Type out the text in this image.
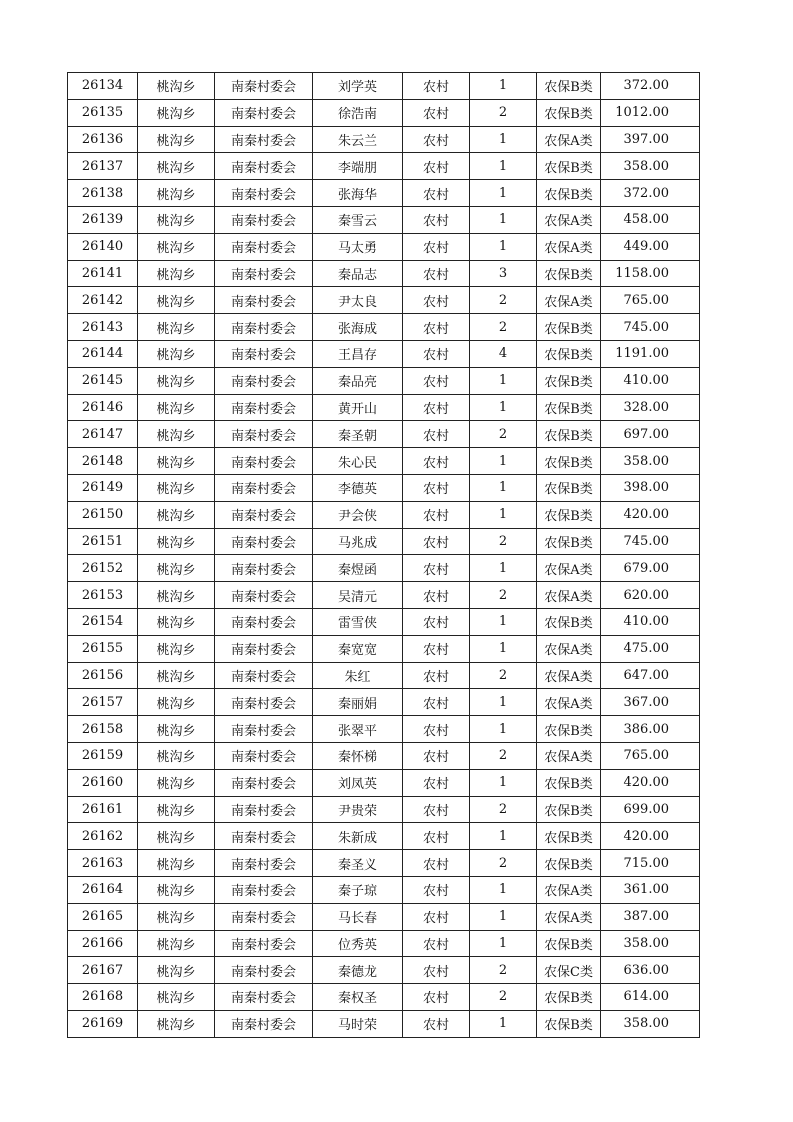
26134	桃沟乡	南秦村委会	刘学英	农村	1	农保B类	372.00
26135	桃沟乡	南秦村委会	徐浩南	农村	2	农保B类	1012.00
26136	桃沟乡	南秦村委会	朱云兰	农村	1	农保A类	397.00
26137	桃沟乡	南秦村委会	李端朋	农村	1	农保B类	358.00
26138	桃沟乡	南秦村委会	张海华	农村	1	农保B类	372.00
26139	桃沟乡	南秦村委会	秦雪云	农村	1	农保A类	458.00
26140	桃沟乡	南秦村委会	马太勇	农村	1	农保A类	449.00
26141	桃沟乡	南秦村委会	秦品志	农村	3	农保B类	1158.00
26142	桃沟乡	南秦村委会	尹太良	农村	2	农保A类	765.00
26143	桃沟乡	南秦村委会	张海成	农村	2	农保B类	745.00
26144	桃沟乡	南秦村委会	王昌存	农村	4	农保B类	1191.00
26145	桃沟乡	南秦村委会	秦品亮	农村	1	农保B类	410.00
26146	桃沟乡	南秦村委会	黄开山	农村	1	农保B类	328.00
26147	桃沟乡	南秦村委会	秦圣朝	农村	2	农保B类	697.00
26148	桃沟乡	南秦村委会	朱心民	农村	1	农保B类	358.00
26149	桃沟乡	南秦村委会	李德英	农村	1	农保B类	398.00
26150	桃沟乡	南秦村委会	尹会侠	农村	1	农保B类	420.00
26151	桃沟乡	南秦村委会	马兆成	农村	2	农保B类	745.00
26152	桃沟乡	南秦村委会	秦煜函	农村	1	农保A类	679.00
26153	桃沟乡	南秦村委会	吴清元	农村	2	农保A类	620.00
26154	桃沟乡	南秦村委会	雷雪侠	农村	1	农保B类	410.00
26155	桃沟乡	南秦村委会	秦宽宽	农村	1	农保A类	475.00
26156	桃沟乡	南秦村委会	朱红	农村	2	农保A类	647.00
26157	桃沟乡	南秦村委会	秦丽娟	农村	1	农保A类	367.00
26158	桃沟乡	南秦村委会	张翠平	农村	1	农保B类	386.00
26159	桃沟乡	南秦村委会	秦怀梯	农村	2	农保A类	765.00
26160	桃沟乡	南秦村委会	刘凤英	农村	1	农保B类	420.00
26161	桃沟乡	南秦村委会	尹贵荣	农村	2	农保B类	699.00
26162	桃沟乡	南秦村委会	朱新成	农村	1	农保B类	420.00
26163	桃沟乡	南秦村委会	秦圣义	农村	2	农保B类	715.00
26164	桃沟乡	南秦村委会	秦子琼	农村	1	农保A类	361.00
26165	桃沟乡	南秦村委会	马长春	农村	1	农保A类	387.00
26166	桃沟乡	南秦村委会	位秀英	农村	1	农保B类	358.00
26167	桃沟乡	南秦村委会	秦德龙	农村	2	农保C类	636.00
26168	桃沟乡	南秦村委会	秦权圣	农村	2	农保B类	614.00
26169	桃沟乡	南秦村委会	马时荣	农村	1	农保B类	358.00
